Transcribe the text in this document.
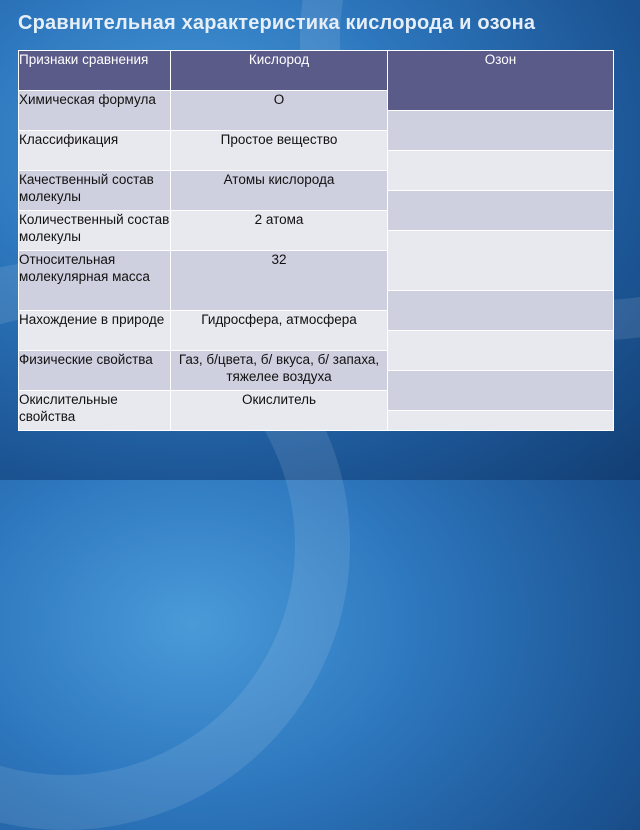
Сравнительная характеристика кислорода и озона
Признаки сравнения	Кислород	Озон

Химическая формула	О	

Классификация	Простое вещество	

Качественный состав молекулы	Атомы кислорода	

Количественный состав молекулы	2 атома	

Относительная молекулярная масса	32	

Нахождение в природе	Гидросфера, атмосфера	

Физические свойства	Газ, б/цвета, б/ вкуса, б/ запаха, тяжелее воздуха	

Окислительные свойства	Окислитель	
